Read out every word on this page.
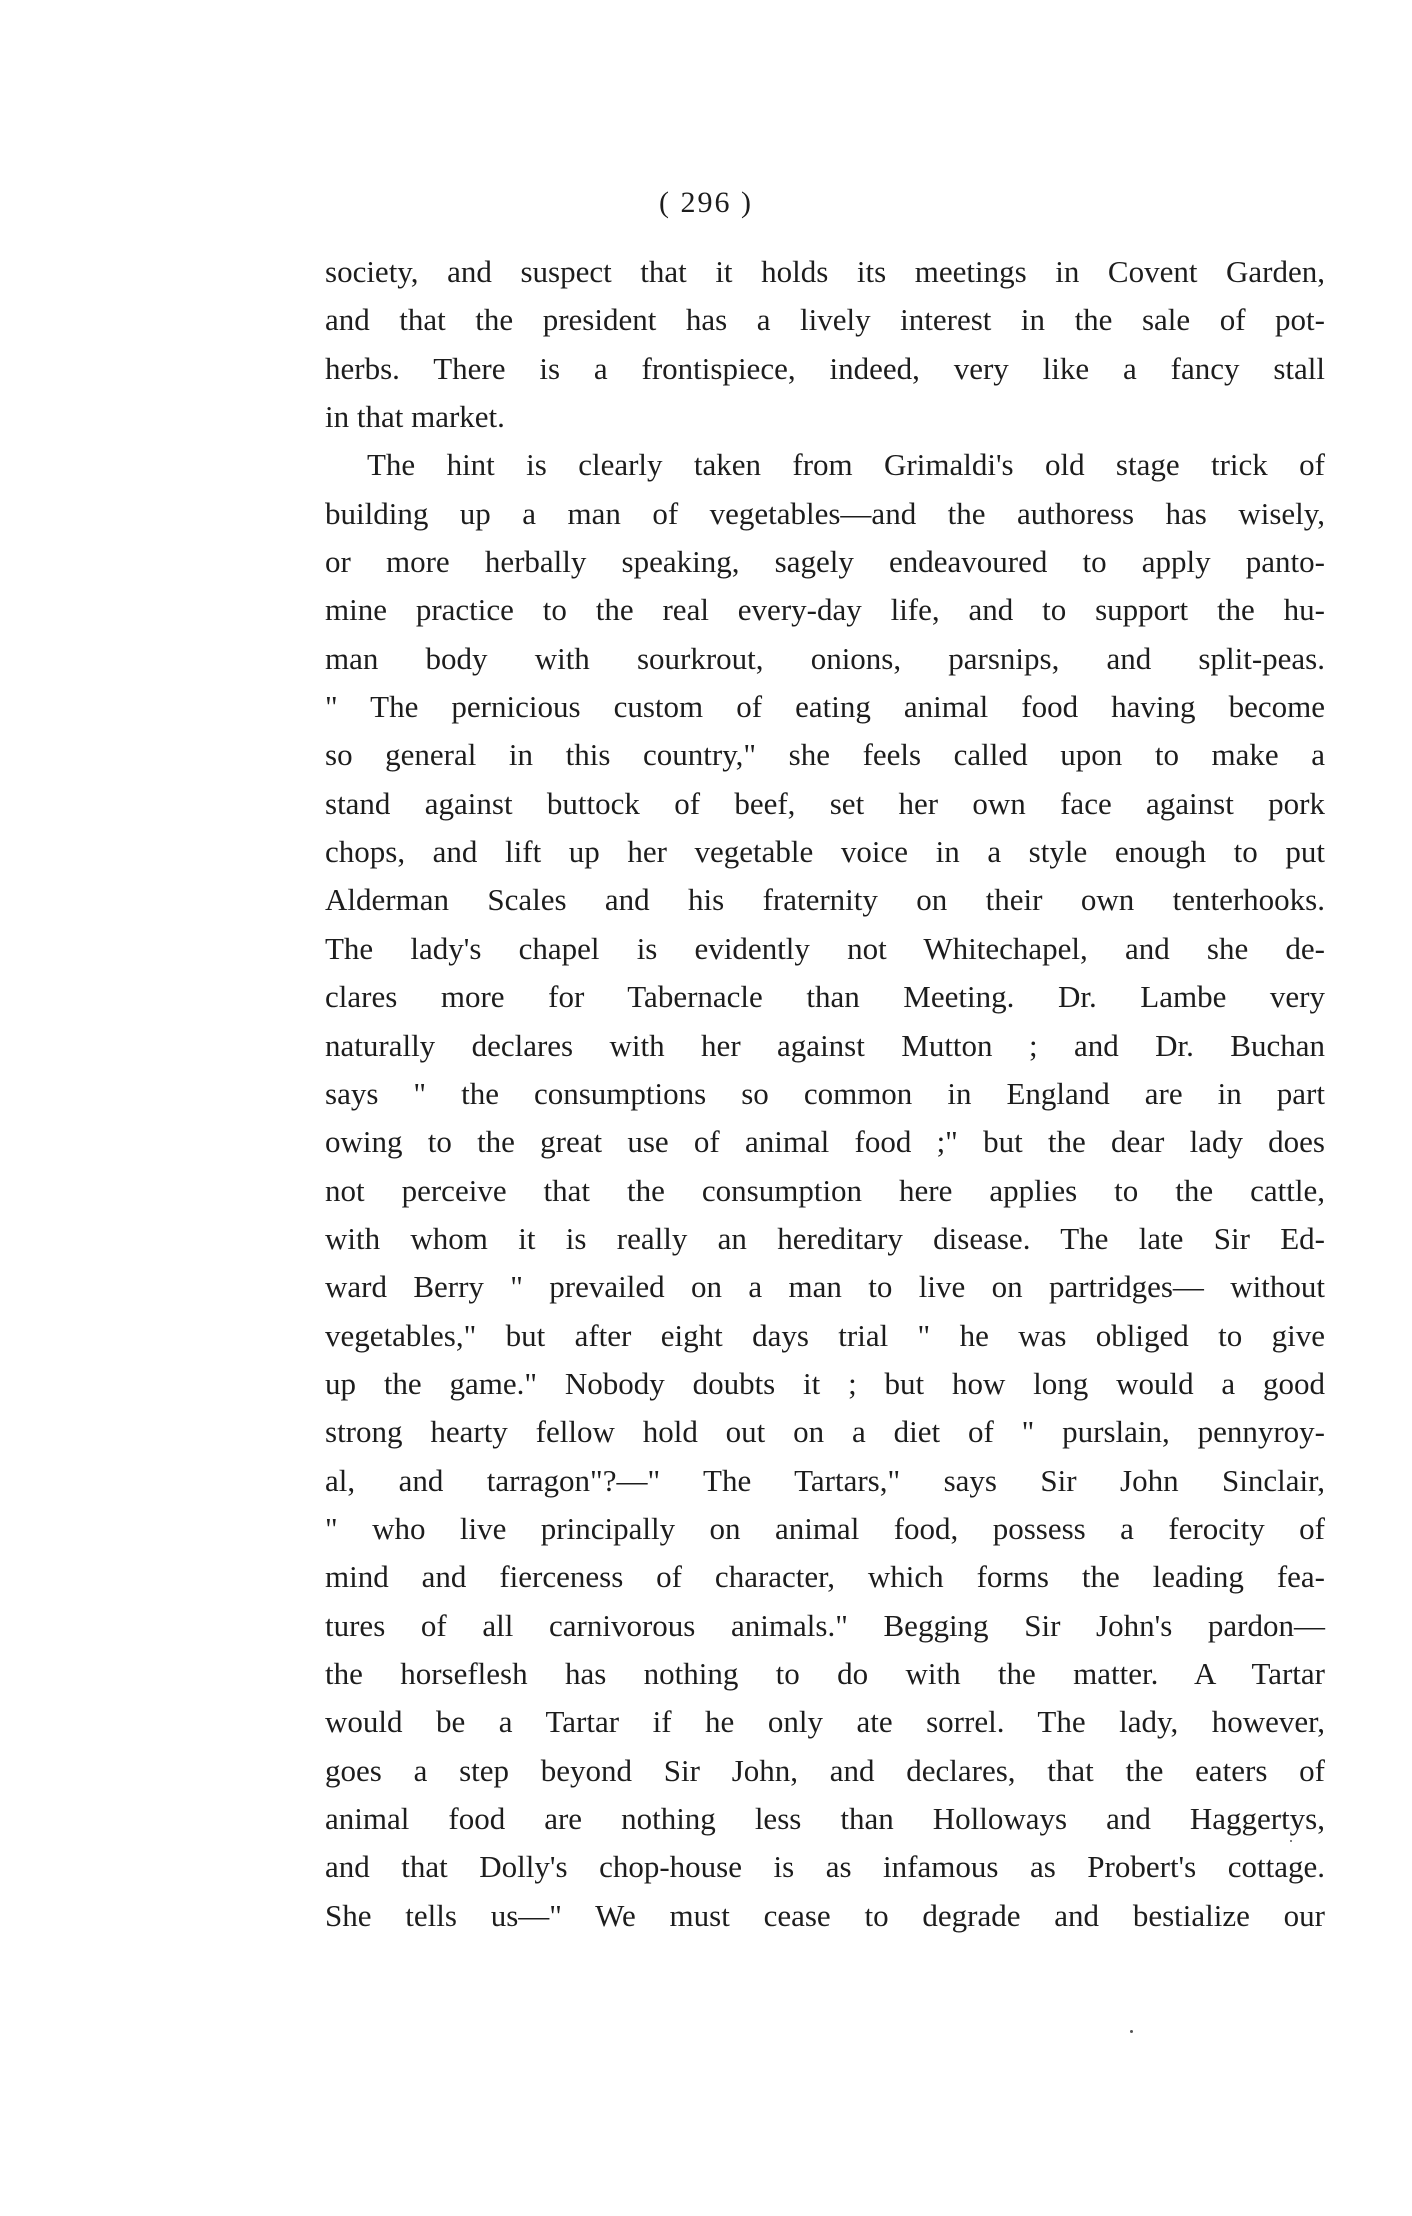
( 296 )
society, and suspect that it holds its meetings in Covent Garden,
and that the president has a lively interest in the sale of pot-
herbs. There is a frontispiece, indeed, very like a fancy stall
in that market.
The hint is clearly taken from Grimaldi's old stage trick of
building up a man of vegetables—and the authoress has wisely,
or more herbally speaking, sagely endeavoured to apply panto-
mine practice to the real every-day life, and to support the hu-
man body with sourkrout, onions, parsnips, and split-peas.
" The pernicious custom of eating animal food having become
so general in this country," she feels called upon to make a
stand against buttock of beef, set her own face against pork
chops, and lift up her vegetable voice in a style enough to put
Alderman Scales and his fraternity on their own tenterhooks.
The lady's chapel is evidently not Whitechapel, and she de-
clares more for Tabernacle than Meeting. Dr. Lambe very
naturally declares with her against Mutton ; and Dr. Buchan
says " the consumptions so common in England are in part
owing to the great use of animal food ;" but the dear lady does
not perceive that the consumption here applies to the cattle,
with whom it is really an hereditary disease. The late Sir Ed-
ward Berry " prevailed on a man to live on partridges— without
vegetables," but after eight days trial " he was obliged to give
up the game." Nobody doubts it ; but how long would a good
strong hearty fellow hold out on a diet of " purslain, pennyroy-
al, and tarragon"?—" The Tartars," says Sir John Sinclair,
" who live principally on animal food, possess a ferocity of
mind and fierceness of character, which forms the leading fea-
tures of all carnivorous animals." Begging Sir John's pardon—
the horseflesh has nothing to do with the matter. A Tartar
would be a Tartar if he only ate sorrel. The lady, however,
goes a step beyond Sir John, and declares, that the eaters of
animal food are nothing less than Holloways and Haggertys,
and that Dolly's chop-house is as infamous as Probert's cottage.
She tells us—" We must cease to degrade and bestialize our
